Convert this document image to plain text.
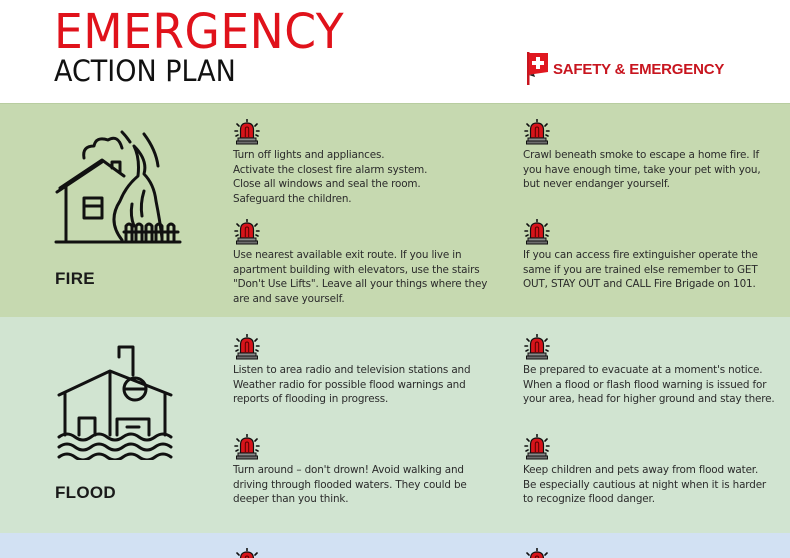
EMERGENCY
ACTION PLAN	SAFETY & EMERGENCY
FIRE
Turn off lights and appliances.
Activate the closest fire alarm system.
Close all windows and seal the room.
Safeguard the children.
Crawl beneath smoke to escape a home fire. If
you have enough time, take your pet with you,
but never endanger yourself.
Use nearest available exit route. If you live in
apartment building with elevators, use the stairs
"Don't Use Lifts". Leave all your things where they
are and save yourself.
If you can access fire extinguisher operate the
same if you are trained else remember to GET
OUT, STAY OUT and CALL Fire Brigade on 101.
FLOOD
Listen to area radio and television stations and
Weather radio for possible flood warnings and
reports of flooding in progress.
Be prepared to evacuate at a moment's notice.
When a flood or flash flood warning is issued for
your area, head for higher ground and stay there.
Turn around – don't drown! Avoid walking and
driving through flooded waters. They could be
deeper than you think.
Keep children and pets away from flood water.
Be especially cautious at night when it is harder
to recognize flood danger.
